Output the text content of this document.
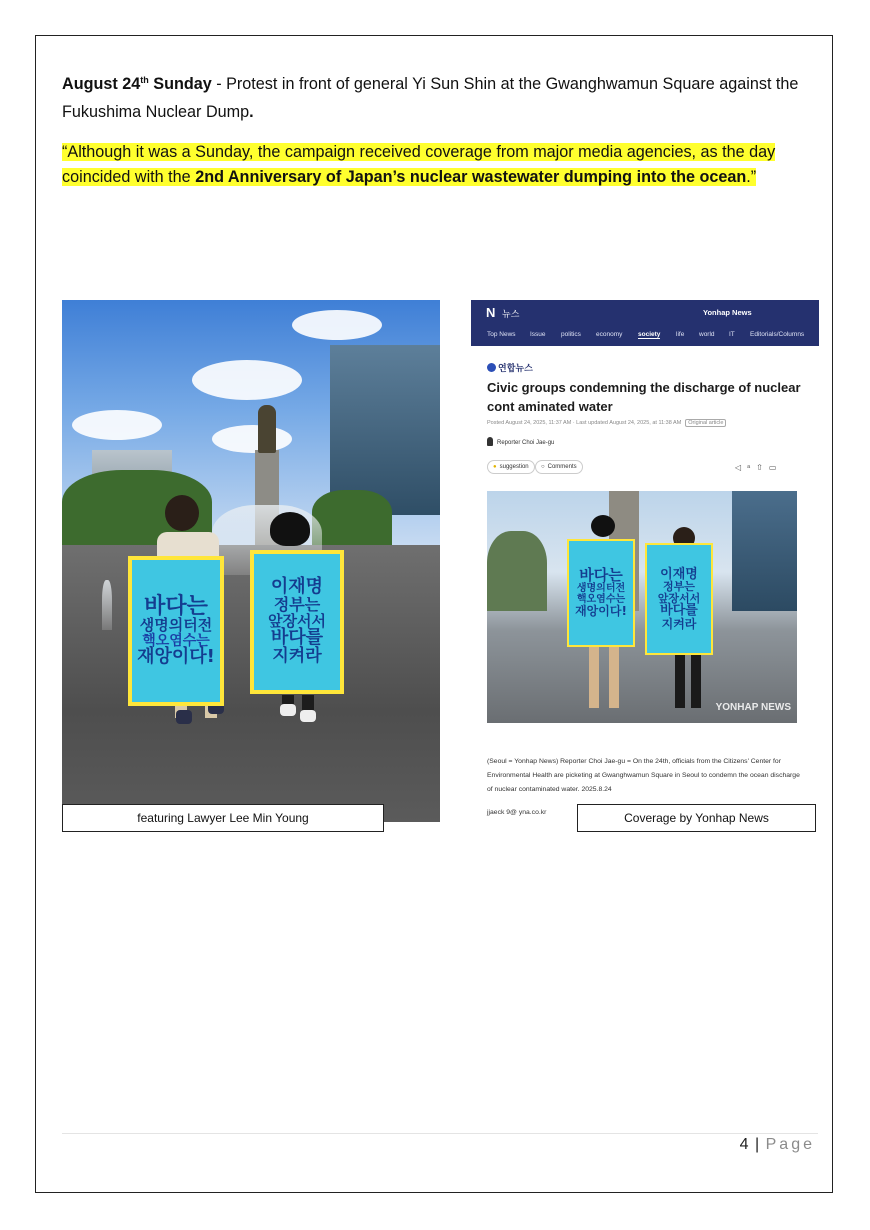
August 24th Sunday - Protest in front of general Yi Sun Shin at the Gwanghwamun Square against the Fukushima Nuclear Dump.

“Although it was a Sunday, the campaign received coverage from major media agencies, as the day coincided with the 2nd Anniversary of Japan’s nuclear wastewater dumping into the ocean.”

바다는
생명의터전
핵오염수는
재앙이다!
이재명
정부는
앞장서서
바다를
지켜라
featuring Lawyer Lee Min Young
N 뉴스	Yonhap News
Top News Issue politics economy society life world IT Editorials/Columns
연합뉴스
Civic groups condemning the discharge of nuclear cont aminated water
Posted August 24, 2025, 11:37 AM · Last updated August 24, 2025, at 11:38 AM Original article
Reporter Choi Jae-gu
● suggestion ○ Comments	◁ᵃ⇧▭
바다는
생명의터전
핵오염수는
재앙이다!
이재명
정부는
앞장서서
바다를
지켜라
YONHAP NEWS
(Seoul = Yonhap News) Reporter Choi Jae-gu = On the 24th, officials from the Citizens' Center for Environmental Health are picketing at Gwanghwamun Square in Seoul to condemn the ocean discharge of nuclear contaminated water. 2025.8.24
jjaeck 9@ yna.co.kr	Coverage by Yonhap News
4 | Page
